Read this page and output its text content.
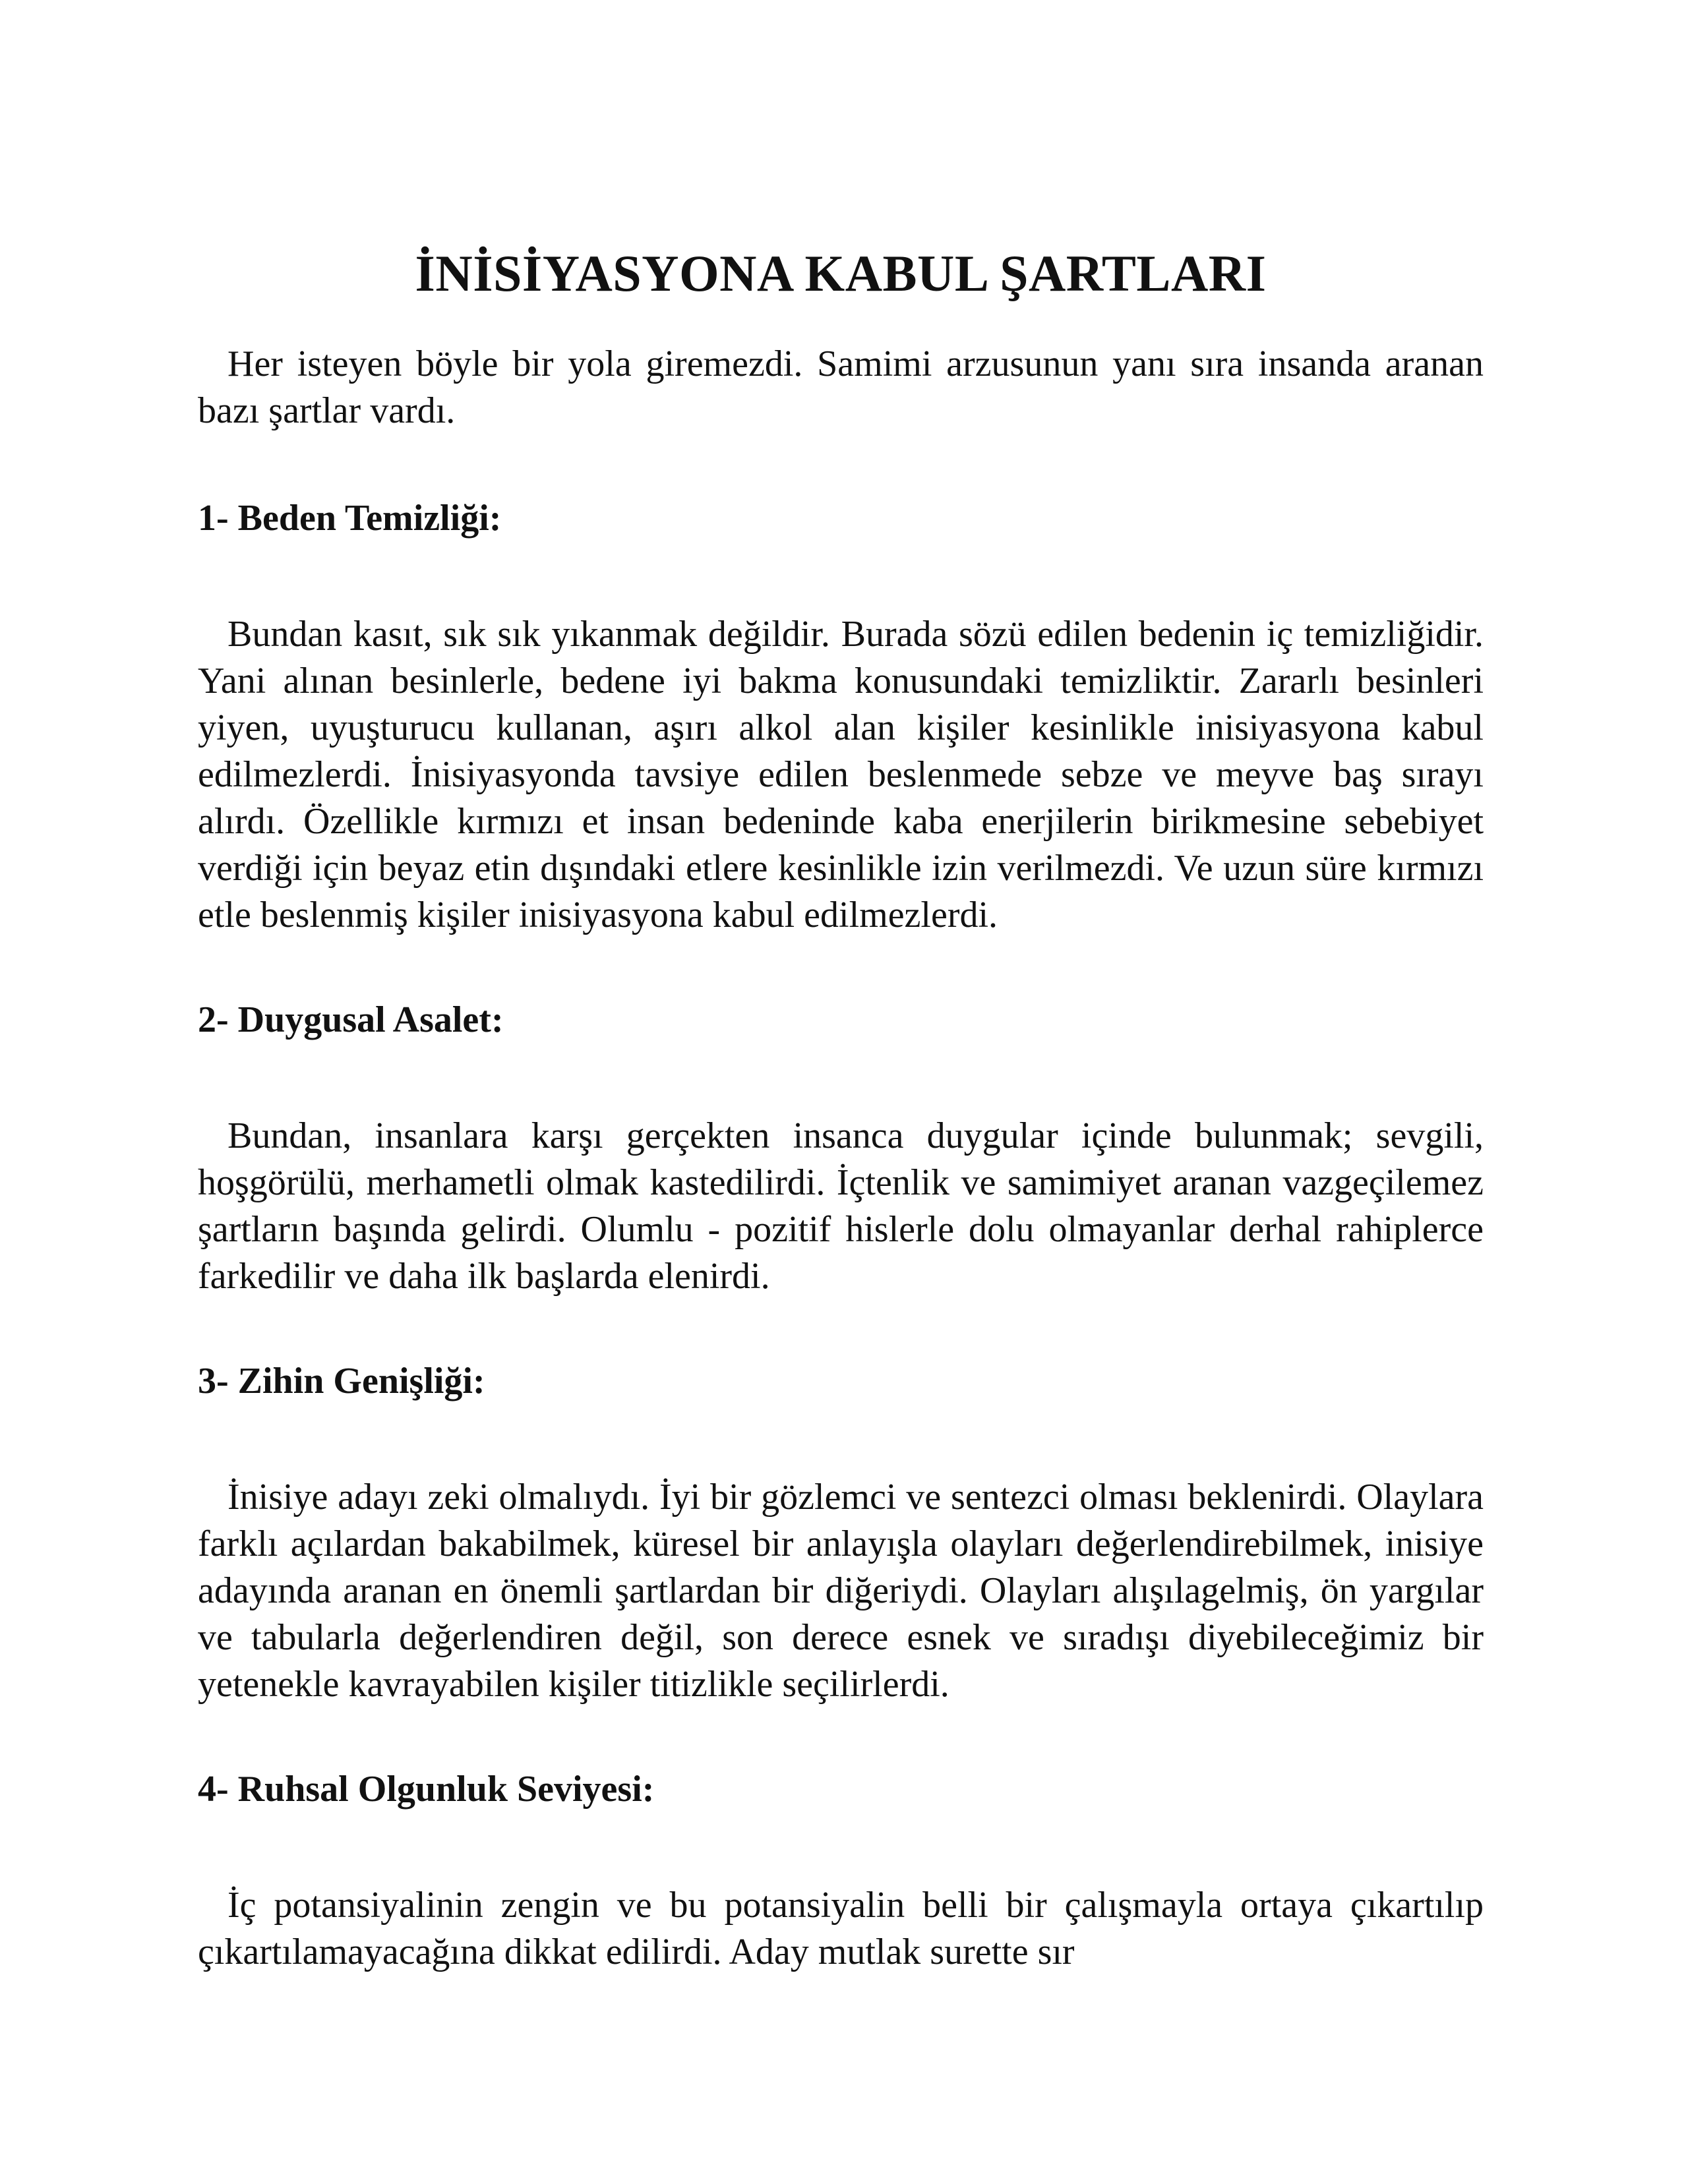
İNİSİYASYONA KABUL ŞARTLARI

Her isteyen böyle bir yola giremezdi. Samimi arzusunun yanı sıra insanda aranan bazı şartlar vardı.

1- Beden Temizliği:

Bundan kasıt, sık sık yıkanmak değildir. Burada sözü edilen bedenin iç temizliğidir. Yani alınan besinlerle, bedene iyi bakma konusundaki temizliktir. Zararlı besinleri yiyen, uyuşturucu kullanan, aşırı alkol alan kişiler kesinlikle inisiyasyona kabul edilmezlerdi. İnisiyasyonda tavsiye edilen beslenmede sebze ve meyve baş sırayı alırdı. Özellikle kırmızı et insan bedeninde kaba enerjilerin birikmesine sebebiyet verdiği için beyaz etin dışındaki etlere kesinlikle izin verilmezdi. Ve uzun süre kırmızı etle beslenmiş kişiler inisiyasyona kabul edilmezlerdi.

2- Duygusal Asalet:

Bundan, insanlara karşı gerçekten insanca duygular içinde bulunmak; sevgili, hoşgörülü, merhametli olmak kastedilirdi. İçtenlik ve samimiyet aranan vazgeçilemez şartların başında gelirdi. Olumlu - pozitif hislerle dolu olmayanlar derhal rahiplerce farkedilir ve daha ilk başlarda elenirdi.

3- Zihin Genişliği:

İnisiye adayı zeki olmalıydı. İyi bir gözlemci ve sentezci olması beklenirdi. Olaylara farklı açılardan bakabilmek, küresel bir anlayışla olayları değerlendirebilmek, inisiye adayında aranan en önemli şartlardan bir diğeriydi. Olayları alışılagelmiş, ön yargılar ve tabularla değerlendiren değil, son derece esnek ve sıradışı diyebileceğimiz bir yetenekle kavrayabilen kişiler titizlikle seçilirlerdi.

4- Ruhsal Olgunluk Seviyesi:

İç potansiyalinin zengin ve bu potansiyalin belli bir çalışmayla ortaya çıkartılıp çıkartılamayacağına dikkat edilirdi. Aday mutlak surette sır
